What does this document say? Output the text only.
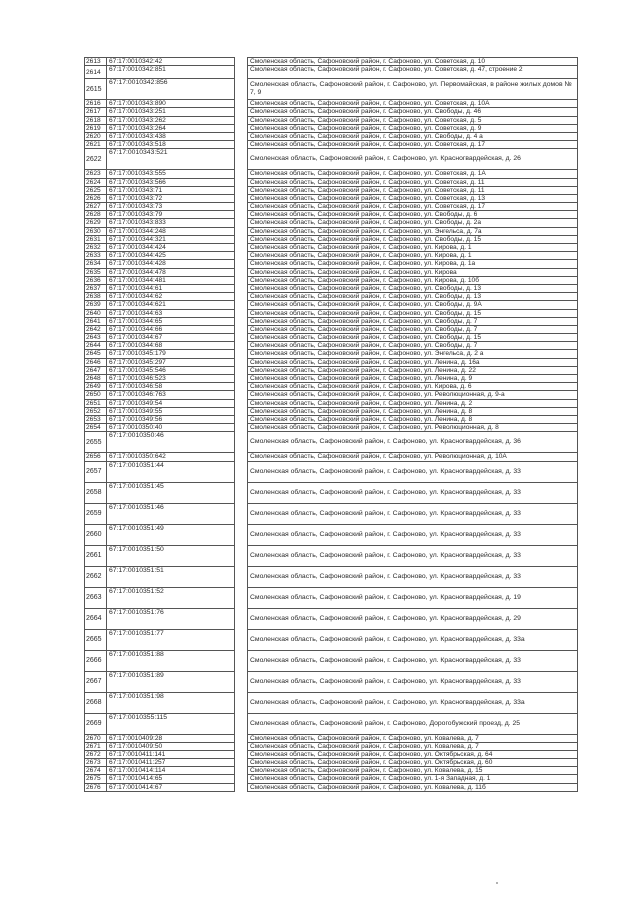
2613	67:17:0010342:42		Смоленская область, Сафоновский район, г. Сафоново, ул. Советская, д. 10
2614	67:17:0010342:851		Смоленская область, Сафоновский район, г. Сафоново, ул. Советская, д. 47, строение 2
2615	67:17:0010342:856		Смоленская область, Сафоновский район, г. Сафоново, ул. Первомайская, в районе жилых домов № 7, 9
2616	67:17:0010343:890		Смоленская область, Сафоновский район, г. Сафоново, ул. Советская, д. 10А
2617	67:17:0010343:251		Смоленская область, Сафоновский район, г. Сафоново, ул. Свободы, д. 46
2618	67:17:0010343:262		Смоленская область, Сафоновский район, г. Сафоново, ул. Советская, д. 5
2619	67:17:0010343:264		Смоленская область, Сафоновский район, г. Сафоново, ул. Советская, д. 9
2620	67:17:0010343:438		Смоленская область, Сафоновский район, г. Сафоново, ул. Свободы, д. 4 а
2621	67:17:0010343:518		Смоленская область, Сафоновский район, г. Сафоново, ул. Советская, д. 17
2622	67:17:0010343:521		Смоленская область, Сафоновский район, г. Сафоново, ул. Красногвардейская, д. 26
2623	67:17:0010343:555		Смоленская область, Сафоновский район, г. Сафоново, ул. Советская, д. 1А
2624	67:17:0010343:566		Смоленская область, Сафоновский район, г. Сафоново, ул. Советская, д. 11
2625	67:17:0010343:71		Смоленская область, Сафоновский район, г. Сафоново, ул. Советская, д. 11
2626	67:17:0010343:72		Смоленская область, Сафоновский район, г. Сафоново, ул. Советская, д. 13
2627	67:17:0010343:73		Смоленская область, Сафоновский район, г. Сафоново, ул. Советская, д. 17
2628	67:17:0010343:79		Смоленская область, Сафоновский район, г. Сафоново, ул. Свободы, д. 6
2629	67:17:0010343:833		Смоленская область, Сафоновский район, г. Сафоново, ул. Свободы, д. 2а
2630	67:17:0010344:248		Смоленская область, Сафоновский район, г. Сафоново, ул. Энгельса, д. 7а
2631	67:17:0010344:321		Смоленская область, Сафоновский район, г. Сафоново, ул. Свободы, д. 15
2632	67:17:0010344:424		Смоленская область, Сафоновский район, г. Сафоново, ул. Кирова, д. 1
2633	67:17:0010344:425		Смоленская область, Сафоновский район, г. Сафоново, ул. Кирова, д. 1
2634	67:17:0010344:428		Смоленская область, Сафоновский район, г. Сафоново, ул. Кирова, д. 1а
2635	67:17:0010344:478		Смоленская область, Сафоновский район, г. Сафоново, ул. Кирова
2636	67:17:0010344:481		Смоленская область, Сафоновский район, г. Сафоново, ул. Кирова, д. 10б
2637	67:17:0010344:61		Смоленская область, Сафоновский район, г. Сафоново, ул. Свободы, д. 13
2638	67:17:0010344:62		Смоленская область, Сафоновский район, г. Сафоново, ул. Свободы, д. 13
2639	67:17:0010344:621		Смоленская область, Сафоновский район, г. Сафоново, ул. Свободы, д. 9А
2640	67:17:0010344:63		Смоленская область, Сафоновский район, г. Сафоново, ул. Свободы, д. 15
2641	67:17:0010344:65		Смоленская область, Сафоновский район, г. Сафоново, ул. Свободы, д. 7
2642	67:17:0010344:66		Смоленская область, Сафоновский район, г. Сафоново, ул. Свободы, д. 7
2643	67:17:0010344:67		Смоленская область, Сафоновский район, г. Сафоново, ул. Свободы, д. 15
2644	67:17:0010344:68		Смоленская область, Сафоновский район, г. Сафоново, ул. Свободы, д. 7
2645	67:17:0010345:179		Смоленская область, Сафоновский район, г. Сафоново, ул. Энгельса, д. 2 а
2646	67:17:0010345:297		Смоленская область, Сафоновский район, г. Сафоново, ул. Ленина, д. 16а
2647	67:17:0010345:546		Смоленская область, Сафоновский район, г. Сафоново, ул. Ленина, д. 22
2648	67:17:0010346:523		Смоленская область, Сафоновский район, г. Сафоново, ул. Ленина, д. 9
2649	67:17:0010346:58		Смоленская область, Сафоновский район, г. Сафоново, ул. Кирова, д. 6
2650	67:17:0010346:763		Смоленская область, Сафоновский район, г. Сафоново, ул. Революционная, д. 9-а
2651	67:17:0010349:54		Смоленская область, Сафоновский район, г. Сафоново, ул. Ленина, д. 2
2652	67:17:0010349:55		Смоленская область, Сафоновский район, г. Сафоново, ул. Ленина, д. 8
2653	67:17:0010349:56		Смоленская область, Сафоновский район, г. Сафоново, ул. Ленина, д. 8
2654	67:17:0010350:40		Смоленская область, Сафоновский район, г. Сафоново, ул. Революционная, д. 8
2655	67:17:0010350:46		Смоленская область, Сафоновский район, г. Сафоново, ул. Красногвардейская, д. 36
2656	67:17:0010350:642		Смоленская область, Сафоновский район, г. Сафоново, ул. Революционная, д. 10А
2657	67:17:0010351:44		Смоленская область, Сафоновский район, г. Сафоново, ул. Красногвардейская, д. 33
2658	67:17:0010351:45		Смоленская область, Сафоновский район, г. Сафоново, ул. Красногвардейская, д. 33
2659	67:17:0010351:46		Смоленская область, Сафоновский район, г. Сафоново, ул. Красногвардейская, д. 33
2660	67:17:0010351:49		Смоленская область, Сафоновский район, г. Сафоново, ул. Красногвардейская, д. 33
2661	67:17:0010351:50		Смоленская область, Сафоновский район, г. Сафоново, ул. Красногвардейская, д. 33
2662	67:17:0010351:51		Смоленская область, Сафоновский район, г. Сафоново, ул. Красногвардейская, д. 33
2663	67:17:0010351:52		Смоленская область, Сафоновский район, г. Сафоново, ул. Красногвардейская, д. 19
2664	67:17:0010351:76		Смоленская область, Сафоновский район, г. Сафоново, ул. Красногвардейская, д. 29
2665	67:17:0010351:77		Смоленская область, Сафоновский район, г. Сафоново, ул. Красногвардейская, д. 33а
2666	67:17:0010351:88		Смоленская область, Сафоновский район, г. Сафоново, ул. Красногвардейская, д. 33
2667	67:17:0010351:89		Смоленская область, Сафоновский район, г. Сафоново, ул. Красногвардейская, д. 33
2668	67:17:0010351:98		Смоленская область, Сафоновский район, г. Сафоново, ул. Красногвардейская, д. 33а
2669	67:17:0010355:115		Смоленская область, Сафоновский район, г. Сафоново, Дорогобужский проезд, д. 25
2670	67:17:0010409:28		Смоленская область, Сафоновский район, г. Сафоново, ул. Ковалева, д. 7
2671	67:17:0010409:50		Смоленская область, Сафоновский район, г. Сафоново, ул. Ковалева, д. 7
2672	67:17:0010411:141		Смоленская область, Сафоновский район, г. Сафоново, ул. Октябрьская, д. 64
2673	67:17:0010411:257		Смоленская область, Сафоновский район, г. Сафоново, ул. Октябрьская, д. 60
2674	67:17:0010414:114		Смоленская область, Сафоновский район, г. Сафоново, ул. Ковалева, д. 15
2675	67:17:0010414:65		Смоленская область, Сафоновский район, г. Сафоново, ул. 1-я Западная, д. 1
2676	67:17:0010414:67		Смоленская область, Сафоновский район, г. Сафоново, ул. Ковалева, д. 11б
